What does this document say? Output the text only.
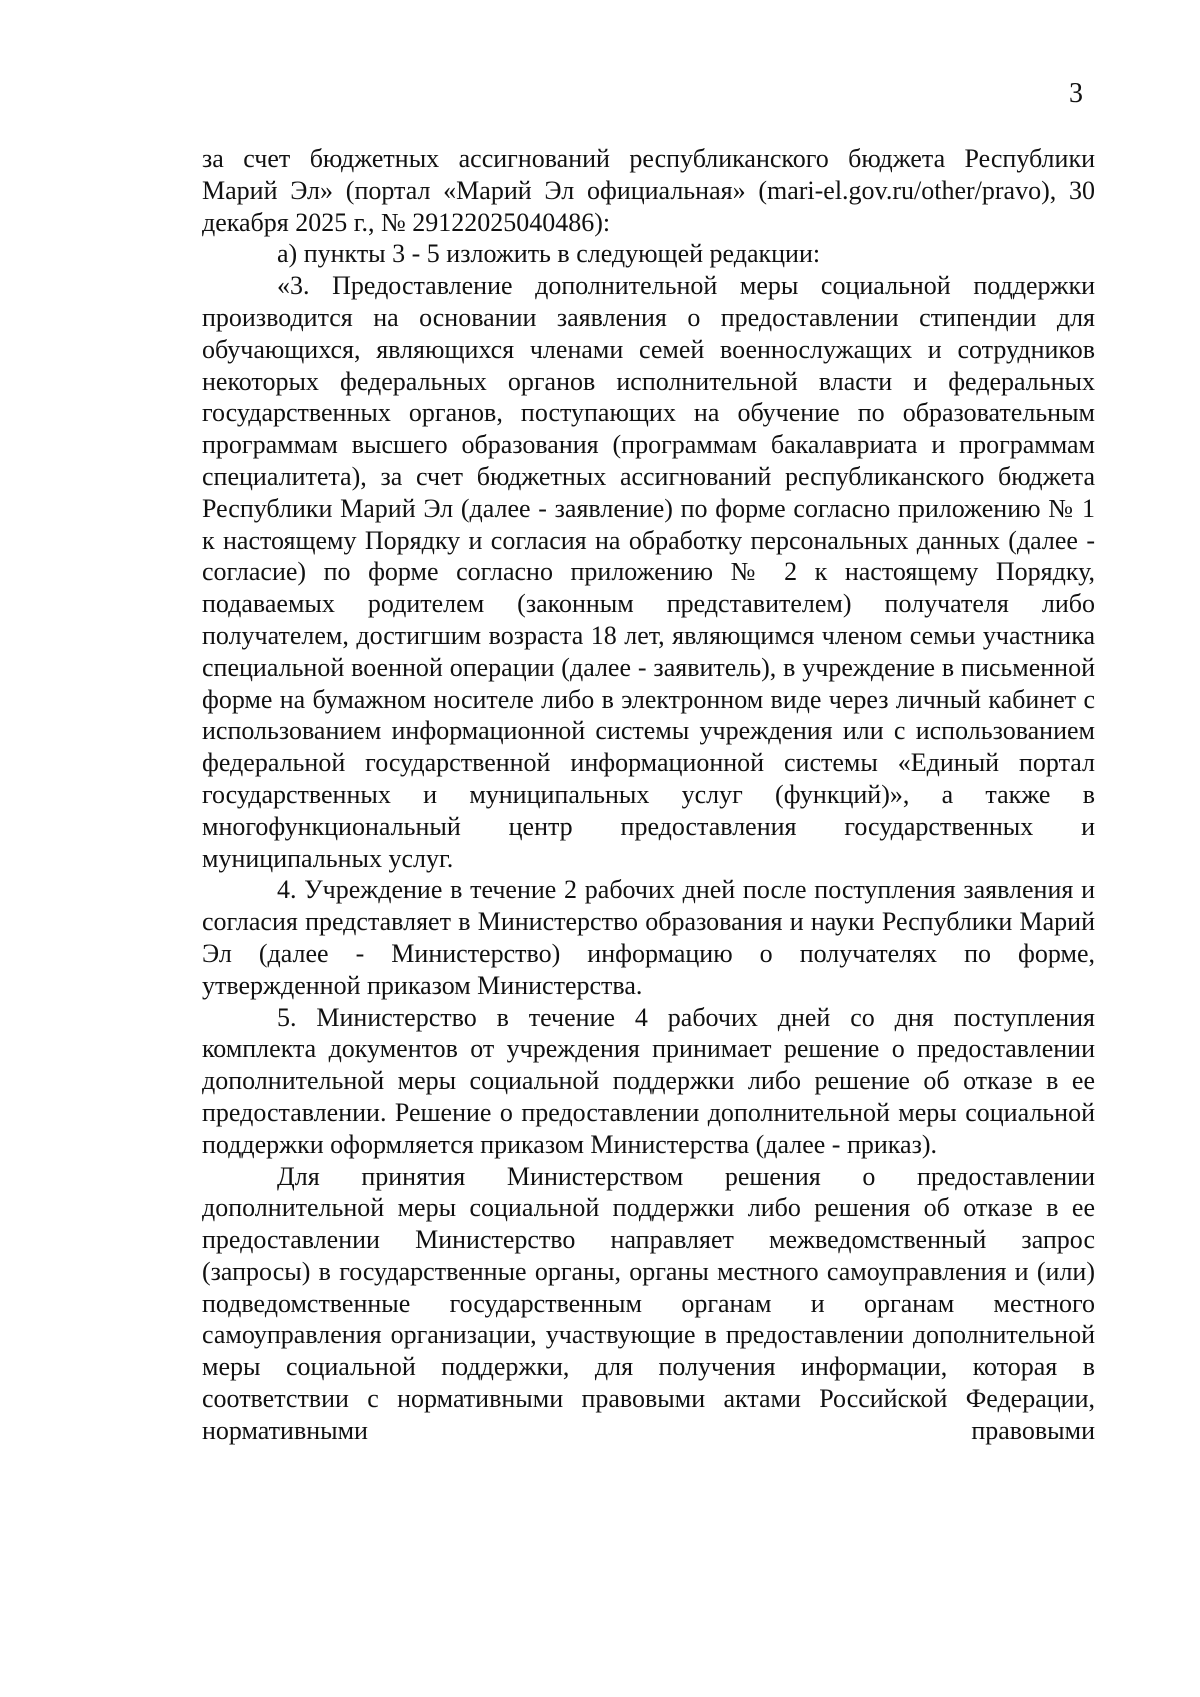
3

за счет бюджетных ассигнований республиканского бюджета Республики Марий Эл» (портал «Марий Эл официальная» (mari-el.gov.ru/other/pravo), 30 декабря 2025 г., № 29122025040486):

а) пункты 3 - 5 изложить в следующей редакции:

«3. Предоставление дополнительной меры социальной поддержки производится на основании заявления о предоставлении стипендии для обучающихся, являющихся членами семей военнослужащих и сотрудников некоторых федеральных органов исполнительной власти и федеральных государственных органов, поступающих на обучение по образовательным программам высшего образования (программам бакалавриата и программам специалитета), за счет бюджетных ассигнований республиканского бюджета Республики Марий Эл (далее - заявление) по форме согласно приложению № 1 к настоящему Порядку и согласия на обработку персональных данных (далее - согласие) по форме согласно приложению № 2 к настоящему Порядку, подаваемых родителем (законным представителем) получателя либо получателем, достигшим возраста 18 лет, являющимся членом семьи участника специальной военной операции (далее - заявитель), в учреждение в письменной форме на бумажном носителе либо в электронном виде через личный кабинет с использованием информационной системы учреждения или с использованием федеральной государственной информационной системы «Единый портал государственных и муниципальных услуг (функций)», а также в многофункциональный центр предоставления государственных и муниципальных услуг.

4. Учреждение в течение 2 рабочих дней после поступления заявления и согласия представляет в Министерство образования и науки Республики Марий Эл (далее - Министерство) информацию о получателях по форме, утвержденной приказом Министерства.

5. Министерство в течение 4 рабочих дней со дня поступления комплекта документов от учреждения принимает решение о предоставлении дополнительной меры социальной поддержки либо решение об отказе в ее предоставлении. Решение о предоставлении дополнительной меры социальной поддержки оформляется приказом Министерства (далее - приказ).

Для принятия Министерством решения о предоставлении дополнительной меры социальной поддержки либо решения об отказе в ее предоставлении Министерство направляет межведомственный запрос (запросы) в государственные органы, органы местного самоуправления и (или) подведомственные государственным органам и органам местного самоуправления организации, участвующие в предоставлении дополнительной меры социальной поддержки, для получения информации, которая в соответствии с нормативными правовыми актами Российской Федерации, нормативными правовыми
